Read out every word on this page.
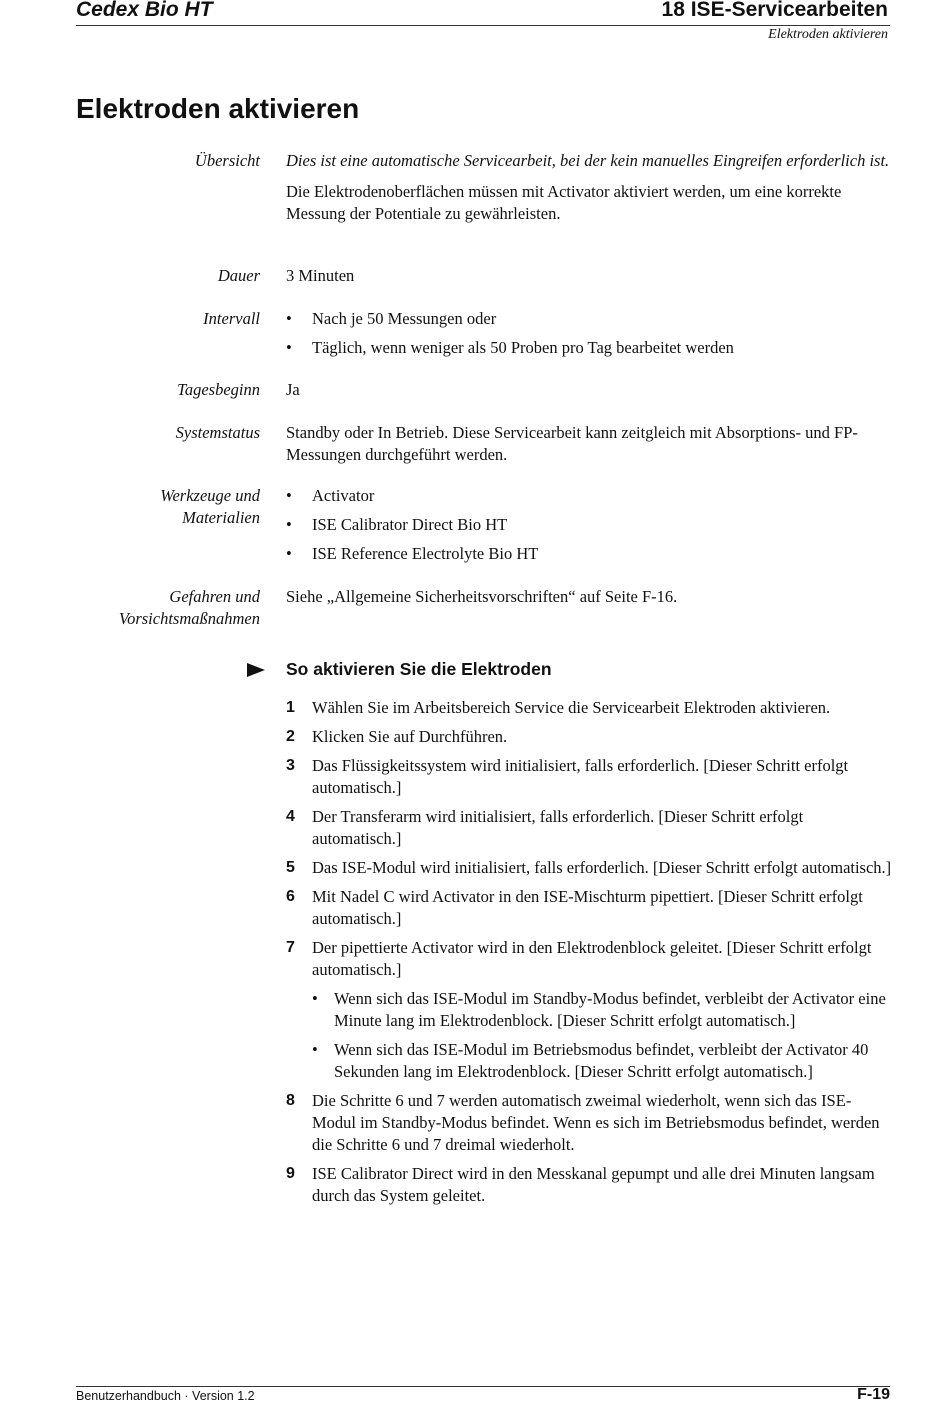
Cedex Bio HT	18 ISE-Servicearbeiten
Elektroden aktivieren
Elektroden aktivieren
Übersicht Dies ist eine automatische Servicearbeit, bei der kein manuelles Eingreifen erforderlich ist.

Die Elektrodenoberflächen müssen mit Activator aktiviert werden, um eine korrekte Messung der Potentiale zu gewährleisten.

Dauer 3 Minuten
Intervall
•	Nach je 50 Messungen oder
• Täglich, wenn weniger als 50 Proben pro Tag bearbeitet werden
Tagesbeginn Ja
Systemstatus Standby oder In Betrieb. Diese Servicearbeit kann zeitgleich mit Absorptions- und FP-Messungen durchgeführt werden.
Werkzeuge und
Materialien
• Activator
• ISE Calibrator Direct Bio HT
• ISE Reference Electrolyte Bio HT
Gefahren und
Vorsichtsmaßnahmen
Siehe „Allgemeine Sicherheitsvorschriften“ auf Seite F-16.
So aktivieren Sie die Elektroden
1 Wählen Sie im Arbeitsbereich Service die Servicearbeit Elektroden aktivieren.
2 Klicken Sie auf Durchführen.
3 Das Flüssigkeitssystem wird initialisiert, falls erforderlich. [Dieser Schritt erfolgt automatisch.]
4 Der Transferarm wird initialisiert, falls erforderlich. [Dieser Schritt erfolgt automatisch.]
5 Das ISE-Modul wird initialisiert, falls erforderlich. [Dieser Schritt erfolgt automatisch.]
6 Mit Nadel C wird Activator in den ISE-Mischturm pipettiert. [Dieser Schritt erfolgt automatisch.]
7 Der pipettierte Activator wird in den Elektrodenblock geleitet. [Dieser Schritt erfolgt automatisch.]
• Wenn sich das ISE-Modul im Standby-Modus befindet, verbleibt der Activator eine Minute lang im Elektrodenblock. [Dieser Schritt erfolgt automatisch.]
• Wenn sich das ISE-Modul im Betriebsmodus befindet, verbleibt der Activator 40 Sekunden lang im Elektrodenblock. [Dieser Schritt erfolgt automatisch.]
8 Die Schritte 6 und 7 werden automatisch zweimal wiederholt, wenn sich das ISE-Modul im Standby-Modus befindet. Wenn es sich im Betriebsmodus befindet, werden die Schritte 6 und 7 dreimal wiederholt.
9 ISE Calibrator Direct wird in den Messkanal gepumpt und alle drei Minuten langsam durch das System geleitet.
Benutzerhandbuch · Version 1.2	F-19
